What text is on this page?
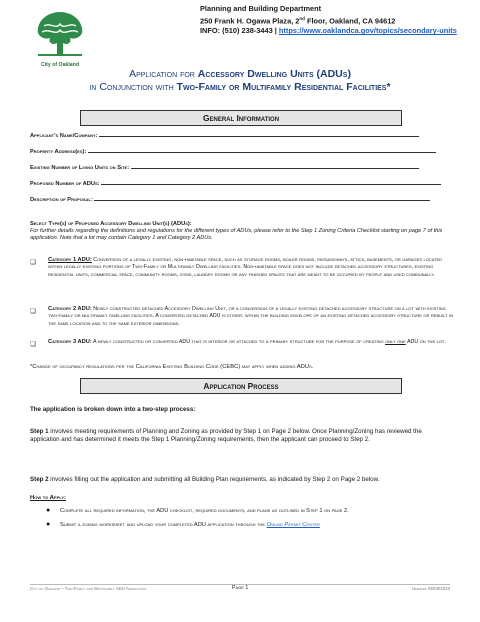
City of Oakland
Planning and Building Department
250 Frank H. Ogawa Plaza, 2nd Floor, Oakland, CA 94612
INFO: (510) 238-3443 | https://www.oaklandca.gov/topics/secondary-units
Application for Accessory Dwelling Units (ADUs)
in Conjunction with Two-Family or Multifamily Residential Facilities*
General Information
Applicant's Name/Company:
Property Address(es):
Existing Number of Living Units on Site:
Proposed Number of ADUs:
Description of Proposal:
Select Type(s) of Proposed Accessory Dwelling Unit(s) (ADUs):
For further details regarding the definitions and regulations for the different types of ADUs, please refer to the Step 1 Zoning Criteria Checklist starting on page 7 of this application. Note that a lot may contain Category 1 and Category 2 ADUs.
❏	Category 1 ADU: Conversion of a legally existing, non-habitable space, such as storage rooms, boiler rooms, passageways, attics, basements, or garages located within legally existing portions of Two-Family or Multifamily Dwelling facilities. Non-habitable space does not include detached accessory structures, existing residential units, commercial space, community rooms, gyms, laundry rooms or any finished spaces that are meant to be occupied by people and used communally.
❏	Category 2 ADU: Newly constructed detached Accessory Dwelling Unit, or a conversion of a legally existing detached accessory structure on a lot with existing two-family or multifamily dwelling facilities. A converted detached ADU is either: within the building envelope of an existing detached accessory structure or rebuilt in the same location and to the same exterior dimensions.
❏	Category 3 ADU: A newly constructed or converted ADU that is interior or attached to a primary structure for the purpose of creating only one ADU on the lot.
*Change of occupancy regulations per the California Existing Building Code (CEBC) may apply when adding ADUs.
Application Process
The application is broken down into a two-step process:
Step 1 involves meeting requirements of Planning and Zoning as provided by Step 1 on Page 2 below. Once Planning/Zoning has reviewed the application and has determined it meets the Step 1 Planning/Zoning requirements, then the applicant can proceed to Step 2.
Step 2 involves filling out the application and submitting all Building Plan requirements, as indicated by Step 2 on Page 2 below.
How to Apply:
● Complete all required information, the ADU checklist, required documents, and plans as outlined in Step 1 on page 2.
● Submit a zoning worksheet and upload your completed ADU application through the Online Permit Center
City of Oakland – Two-Family and Multifamily ADU Application	Page 1	Updated 06/08/2023
